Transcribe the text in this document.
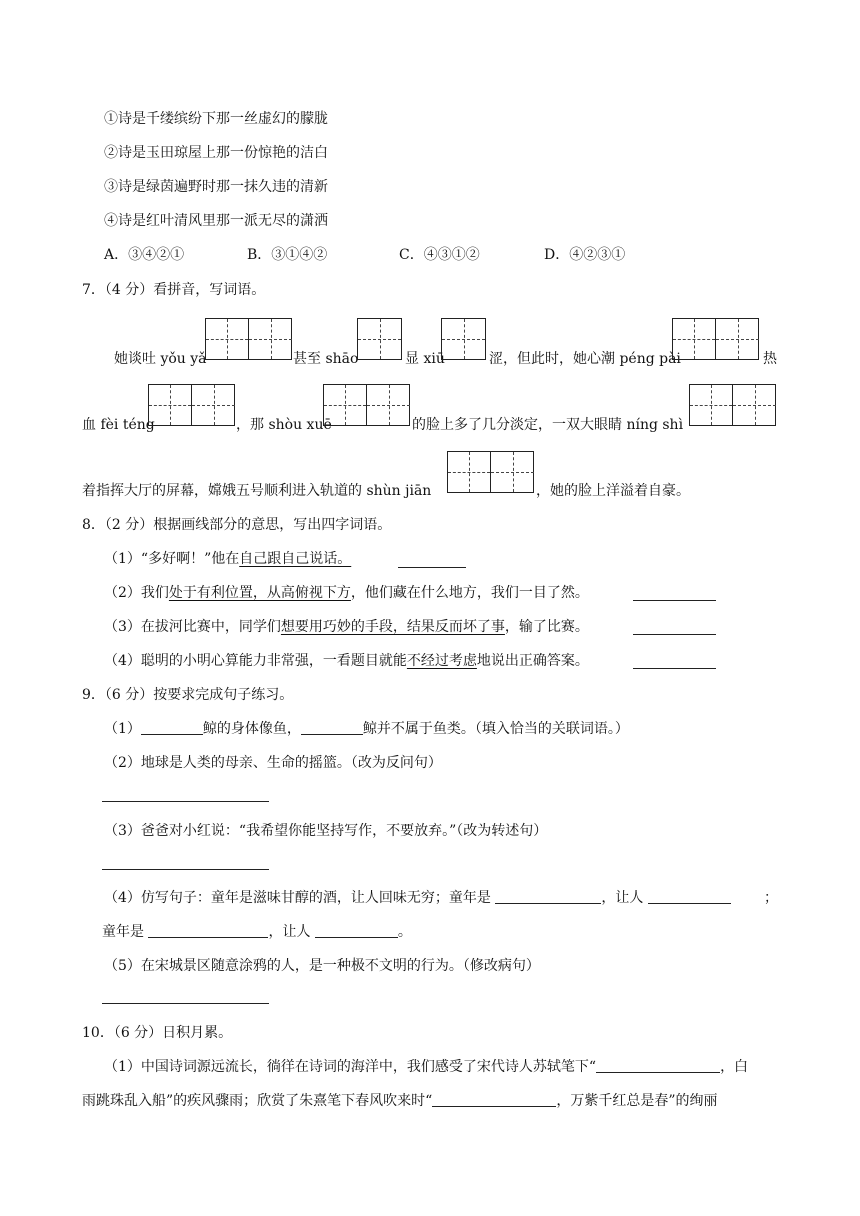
①诗是千缕缤纷下那一丝虚幻的朦胧
②诗是玉田琼屋上那一份惊艳的洁白
③诗是绿茵遍野时那一抹久违的清新
④诗是红叶清风里那一派无尽的潇洒
A．③④②①	B．③①④②	C．④③①②	D．④②③①
7．（4 分）看拼音，写词语。
她谈吐 yǒu yǎ	甚至 shāo	显 xiū	涩，但此时，她心潮 péng pài	热
血 fèi téng	，那 shòu xuē	的脸上多了几分淡定，一双大眼睛 níng shì
着指挥大厅的屏幕，嫦娥五号顺利进入轨道的 shùn jiān	，她的脸上洋溢着自豪。
8．（2 分）根据画线部分的意思，写出四字词语。
（1）“多好啊！”他在自己跟自己说话。
（2）我们处于有利位置，从高俯视下方，他们藏在什么地方，我们一目了然。
（3）在拔河比赛中，同学们想要用巧妙的手段，结果反而坏了事，输了比赛。
（4）聪明的小明心算能力非常强，一看题目就能不经过考虑地说出正确答案。
9．（6 分）按要求完成句子练习。
（1）	鲸的身体像鱼，	鲸并不属于鱼类。（填入恰当的关联词语。）
（2）地球是人类的母亲、生命的摇篮。（改为反问句）
（3）爸爸对小红说：“我希望你能坚持写作，不要放弃。”（改为转述句）
（4）仿写句子：童年是滋味甘醇的酒，让人回味无穷；童年是	，让人	；
童年是	，让人	。
（5）在宋城景区随意涂鸦的人，是一种极不文明的行为。（修改病句）
10．（6 分）日积月累。
（1）中国诗词源远流长，徜徉在诗词的海洋中，我们感受了宋代诗人苏轼笔下“	，白
雨跳珠乱入船”的疾风骤雨；欣赏了朱熹笔下春风吹来时“	，万紫千红总是春”的绚丽
